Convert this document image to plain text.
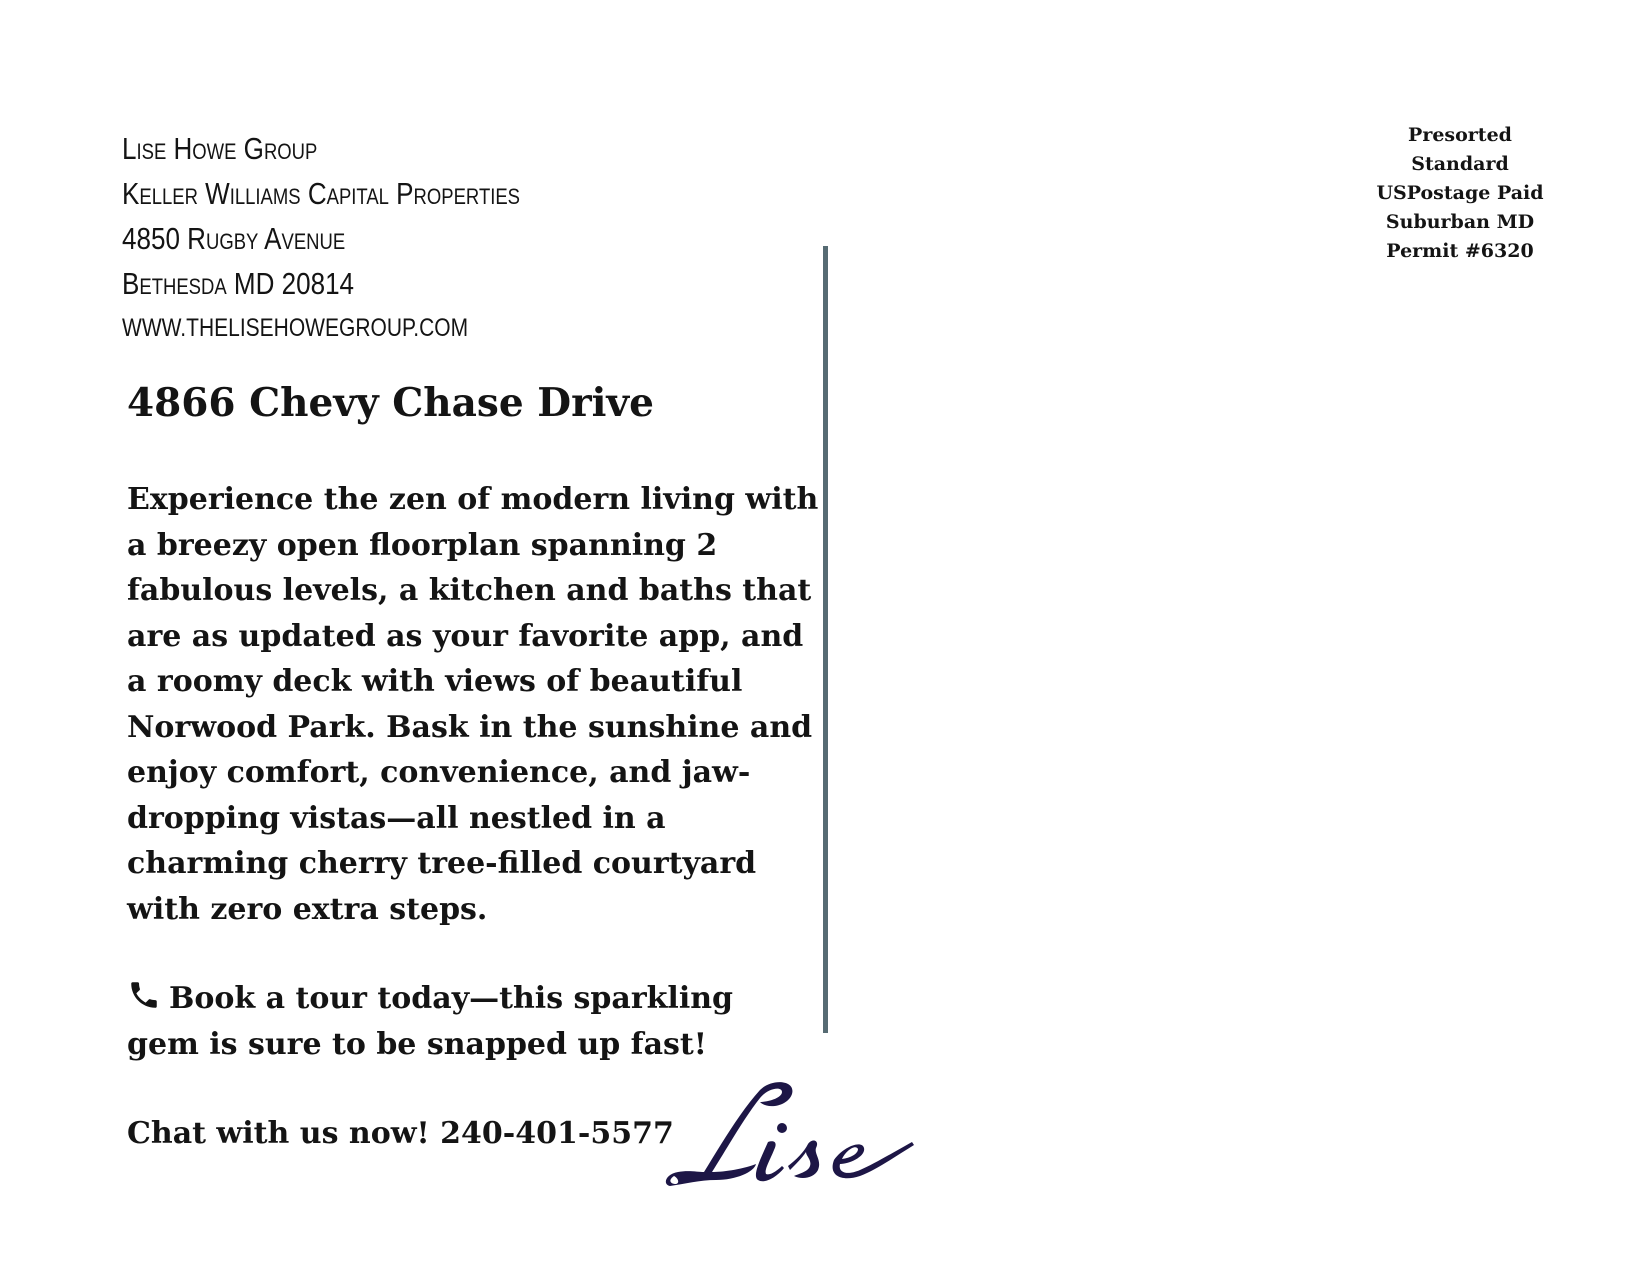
Lise Howe Group
Keller Williams Capital Properties
4850 Rugby Avenue
Bethesda MD 20814
WWW.THELISEHOWEGROUP.COM
Presorted
Standard
USPostage Paid
Suburban MD
Permit #6320
4866 Chevy Chase Drive

Experience the zen of modern living with
a breezy open floorplan spanning 2
fabulous levels, a kitchen and baths that
are as updated as your favorite app, and
a roomy deck with views of beautiful
Norwood Park. Bask in the sunshine and
enjoy comfort, convenience, and jaw-
dropping vistas—all nestled in a
charming cherry tree-filled courtyard
with zero extra steps.

Book a tour today—this sparkling
gem is sure to be snapped up fast!

Chat with us now! 240-401-5577
